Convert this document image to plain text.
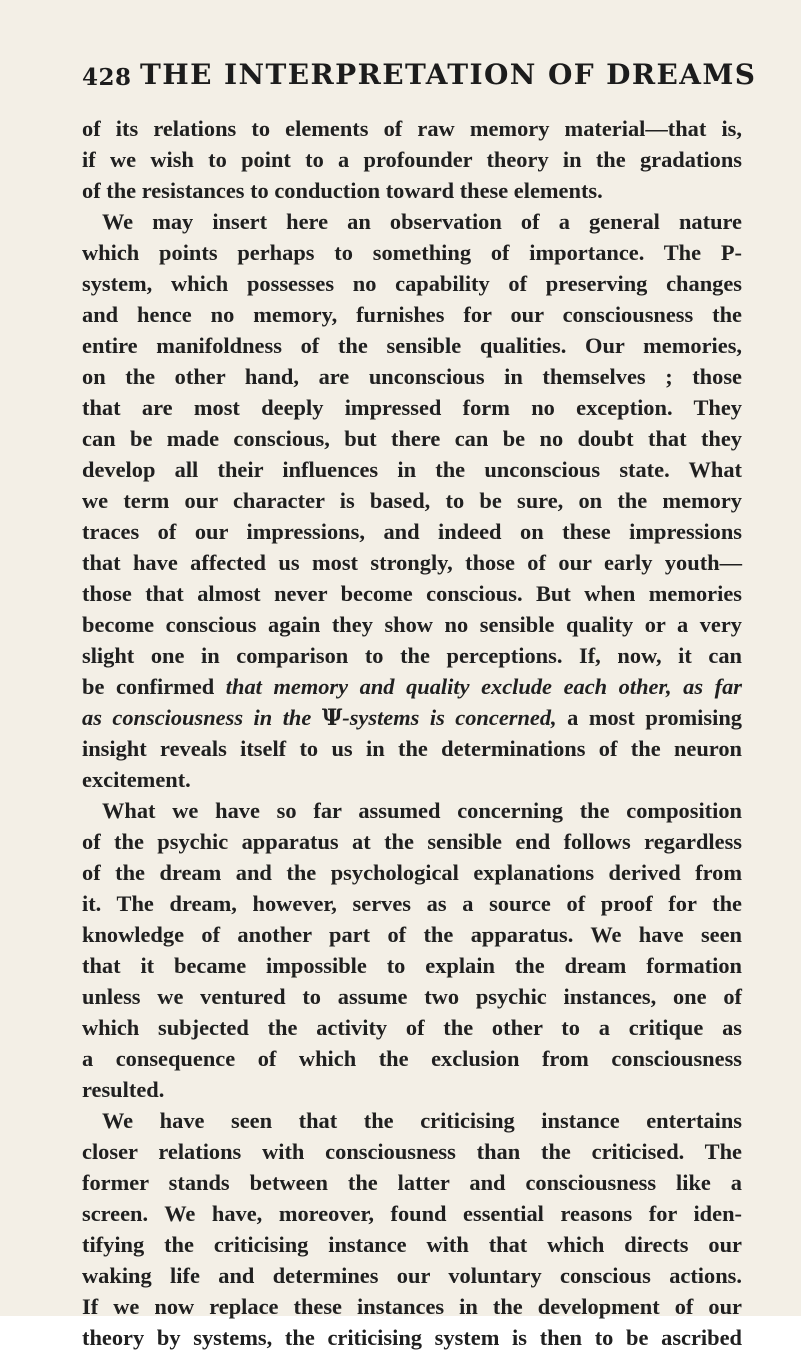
428 THE INTERPRETATION OF DREAMS
of its relations to elements of raw memory material—that is,
if we wish to point to a profounder theory in the gradations
of the resistances to conduction toward these elements.
We may insert here an observation of a general nature
which points perhaps to something of importance. The P-
system, which possesses no capability of preserving changes
and hence no memory, furnishes for our consciousness the
entire manifoldness of the sensible qualities. Our memories,
on the other hand, are unconscious in themselves ; those
that are most deeply impressed form no exception. They
can be made conscious, but there can be no doubt that they
develop all their influences in the unconscious state. What
we term our character is based, to be sure, on the memory
traces of our impressions, and indeed on these impressions
that have affected us most strongly, those of our early youth—
those that almost never become conscious. But when memories
become conscious again they show no sensible quality or a very
slight one in comparison to the perceptions. If, now, it can
be confirmed that memory and quality exclude each other, as far
as consciousness in the Ψ-systems is concerned, a most promising
insight reveals itself to us in the determinations of the neuron
excitement.
What we have so far assumed concerning the composition
of the psychic apparatus at the sensible end follows regardless
of the dream and the psychological explanations derived from
it. The dream, however, serves as a source of proof for the
knowledge of another part of the apparatus. We have seen
that it became impossible to explain the dream formation
unless we ventured to assume two psychic instances, one of
which subjected the activity of the other to a critique as
a consequence of which the exclusion from consciousness
resulted.
We have seen that the criticising instance entertains
closer relations with consciousness than the criticised. The
former stands between the latter and consciousness like a
screen. We have, moreover, found essential reasons for iden-
tifying the criticising instance with that which directs our
waking life and determines our voluntary conscious actions.
If we now replace these instances in the development of our
theory by systems, the criticising system is then to be ascribed
